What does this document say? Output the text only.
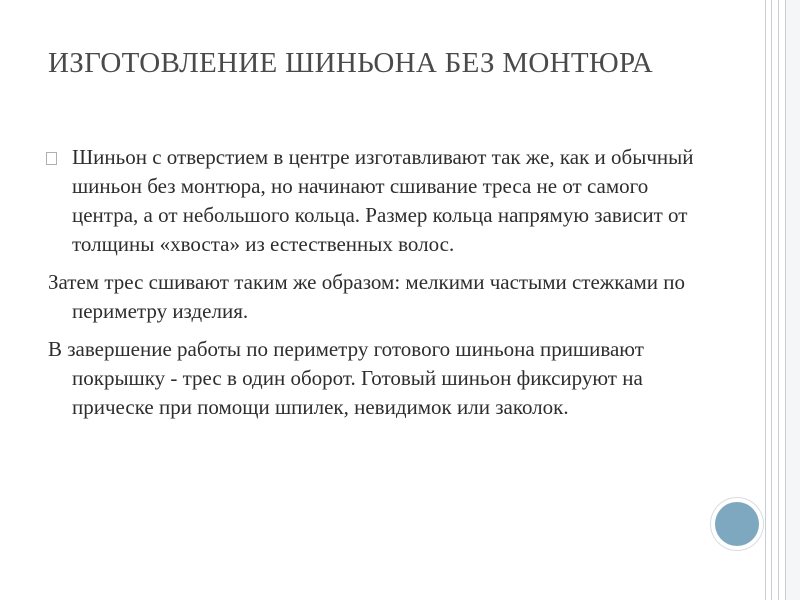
ИЗГОТОВЛЕНИЕ ШИНЬОНА БЕЗ МОНТЮРА

Шиньон с отверстием в центре изготавливают так же, как и обычный шиньон без монтюра, но начинают сшивание треса не от самого центра, а от небольшого кольца. Размер кольца напрямую зависит от толщины «хвоста» из естественных волос.

Затем трес сшивают таким же образом: мелкими частыми стежками по периметру изделия.

В завершение работы по периметру готового шиньона пришивают покрышку - трес в один оборот. Готовый шиньон фиксируют на прическе при помощи шпилек, невидимок или заколок.
